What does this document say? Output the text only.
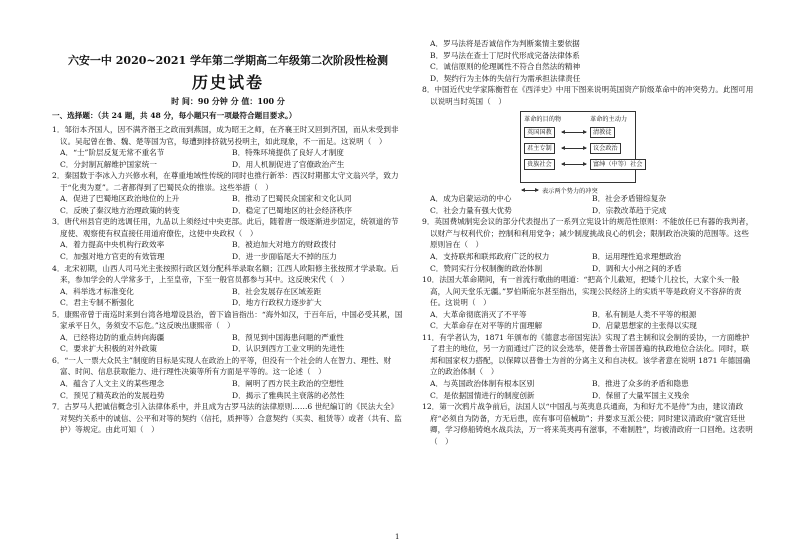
六安一中 2020~2021 学年第二学期高二年级第二次阶段性检测
历史试卷
时 间：90 分钟 分 值：100 分
一、选择题：（共 24 题，共 48 分，每小题只有一项最符合题目要求。）
1．邹衍本齐国人，因不满齐湣王之政而到燕国，成为昭王之师，在齐襄王时又回到齐国，而从未受到非议。吴起曾在鲁、魏、楚等国为官，每遭到排挤就另投明主，如此现象，不一而足。这说明（　）
A．“士”阶层反复无常不重名节	B．特殊环境提供了良好人才制度
C．分封制瓦解维护国家统一	D．用人机制促进了官僚政治产生
2．秦国数于李冰入力兴修水利，在尊重地域性传统的同时也推行新举：西汉时期都太守文翁兴学，致力于“化夷为夏”。二者都得到了巴蜀民众的推崇。这些举措（　）
A．促进了巴蜀地区政治地位的上升	B．推动了巴蜀民众国家和文化认同
C．反映了秦汉地方治理政策的转变	D．稳定了巴蜀地区的社会经济秩序
3．唐代州县官吏的选调任用，九品以上须经过中央吏部。此后，随着唐一级逐渐进步固定，统领道的节度使、观察使有权直接任用道府僚佐，这使中央政权（　）
A．着力提高中央机构行政效率	B．被迫加大对地方的财政拨付
C．加强对地方官吏的有效管理	D．进一步面临尾大不掉的压力
4．北宋初期，山西人司马光主张按照行政区划分配科举录取名额；江西人欧阳修主张按照才学录取。后来，参加学会的人学常多于，上至皇帝，下至一般官员都参与其中。这反映宋代（　）
A．科举选才标准变化	B．社会发展存在区域差距
C．君主专制不断强化	D．地方行政权力逐步扩大
5．康熙帝曾于南巡时来到台湾各地增设县治，曾下谕旨指出：“海外如汉，于百年后，中国必受其累，国家承平日久，务须安不忘危。”这反映出康熙帝（　）
A．已经将边防的重点转向海疆	B．预见到中国海患问题的严重性
C．要求扩大积极的对外政策	D．认识到西方工业文明的先进性
6．“一人一票大众民主”制度的目标是实现人在政治上的平等，但没有一个社会的人在智力、理性、财富、时间、信息获取能力、进行理性决策等所有方面是平等的。这一论述（　）
A．蕴含了人文主义的某些理念	B．阐明了西方民主政治的空想性
C．预见了精英政治的发展趋势	D．揭示了雅典民主衰落的必然性
7．古罗马人把诚信概念引入法律体系中，并且成为古罗马法的法律原则……6 世纪编订的《民法大全》对契约关系中的诚信、公平和对等的契约（信托，质押等）合意契约（买卖、租赁等）或者（共有、监护）等规定。由此可知（　）
A．罗马法将是否诚信作为判断案情主要依据
B．罗马法在查士丁尼时代形成完备法律体系
C．诚信原则的伦理属性不符合自然法的精神
D．契约行为主体的失信行为需承担法律责任
8．中国近代史学家陈衡哲在《西洋史》中用下图来说明英国资产阶级革命中的冲突势力。此图可用以说明当时英国（　）
革命的目的物	革命的主动力
英国国教	清教徒
君主专制	议会政治
贵族社会	富绅（中等）社会
表示两个势力的冲突
A．成为启蒙运动的中心	B．社会矛盾错综复杂
C．社会力量有强大优势	D．宗教改革趋于完成
9．英国费城制宪会议的部分代表提出了一系列立宪设计的规范性原则：不能放任已有器的我判者，以财产与权利代价；控制和利用党争；减少制度挑战良心的机会；限制政治决策的范围等。这些原则旨在（　）
A．支持联邦和联邦政府广泛的权力	B．运用理性追求理想政治
C．赞同实行分权制衡的政治体制	D．调和大小州之间的矛盾
10．法国大革命期间，有一首流行歌曲的唱道：“把高个儿截短，把矮个儿拉长，大家个头一般高，人间天堂乐无疆。”罗伯斯庇尔甚至指出，实现公民经济上的实质平等是政府义不容辞的责任。这说明（　）
A．大革命彻底消灭了不平等	B．私有制是人类不平等的根源
C．大革命存在对平等的片面理解	D．启蒙思想家的主张得以实现
11．有学者认为，1871 年颁布的《德意志帝国宪法》实现了君主制和议会制的妥协，一方面维护了君主的地位，另一方面通过广泛的议会选举，使普鲁士帝国普遍的执政地位合法化。同时，联邦和国家权力搭配，以保障以普鲁士为首的分离主义和自决权。该学者意在说明 1871 年德国确立的政治体制（　）
A．与英国政治体制有根本区别	B．推进了众多的矛盾和隐患
C．是依据国情进行的制度创新	D．保留了大量军国主义残余
12．第一次鸦片战争前后，法国人以“中国乱与英夷息兵通商，为和好尤不是侍”为由，建议清政府“必须自为防备，方无后患，庶有事可倍械助”；并要求互派公使；同时建议清政府“就宫廷世卿，学习修船铸炮水战兵法，万一将来英夷再有滋事，不难制胜”，均被清政府一口回绝。这表明（　）
1
